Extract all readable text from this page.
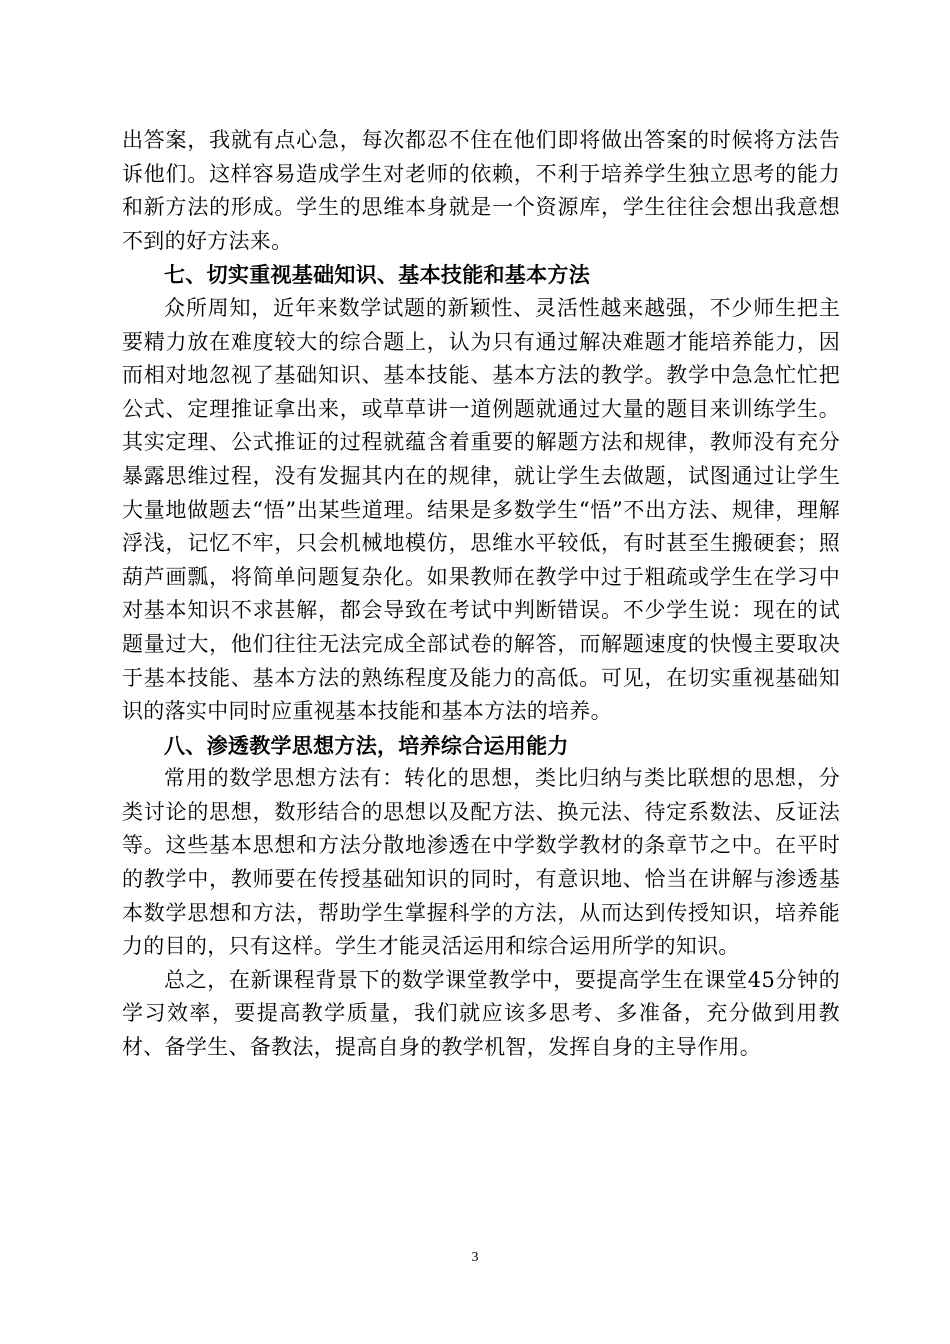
出答案，我就有点心急，每次都忍不住在他们即将做出答案的时候将方法告诉他们。这样容易造成学生对老师的依赖，不利于培养学生独立思考的能力和新方法的形成。学生的思维本身就是一个资源库，学生往往会想出我意想不到的好方法来。

七、切实重视基础知识、基本技能和基本方法

众所周知，近年来数学试题的新颖性、灵活性越来越强，不少师生把主要精力放在难度较大的综合题上，认为只有通过解决难题才能培养能力，因而相对地忽视了基础知识、基本技能、基本方法的教学。教学中急急忙忙把公式、定理推证拿出来，或草草讲一道例题就通过大量的题目来训练学生。其实定理、公式推证的过程就蕴含着重要的解题方法和规律，教师没有充分暴露思维过程，没有发掘其内在的规律，就让学生去做题，试图通过让学生大量地做题去“悟”出某些道理。结果是多数学生“悟”不出方法、规律，理解浮浅，记忆不牢，只会机械地模仿，思维水平较低，有时甚至生搬硬套；照葫芦画瓢，将简单问题复杂化。如果教师在教学中过于粗疏或学生在学习中对基本知识不求甚解，都会导致在考试中判断错误。不少学生说：现在的试题量过大，他们往往无法完成全部试卷的解答，而解题速度的快慢主要取决于基本技能、基本方法的熟练程度及能力的高低。可见，在切实重视基础知识的落实中同时应重视基本技能和基本方法的培养。

八、渗透教学思想方法，培养综合运用能力

常用的数学思想方法有：转化的思想，类比归纳与类比联想的思想，分类讨论的思想，数形结合的思想以及配方法、换元法、待定系数法、反证法等。这些基本思想和方法分散地渗透在中学数学教材的条章节之中。在平时的教学中，教师要在传授基础知识的同时，有意识地、恰当在讲解与渗透基本数学思想和方法，帮助学生掌握科学的方法，从而达到传授知识，培养能力的目的，只有这样。学生才能灵活运用和综合运用所学的知识。

总之，在新课程背景下的数学课堂教学中，要提高学生在课堂45分钟的学习效率，要提高教学质量，我们就应该多思考、多准备，充分做到用教材、备学生、备教法，提高自身的教学机智，发挥自身的主导作用。

3
